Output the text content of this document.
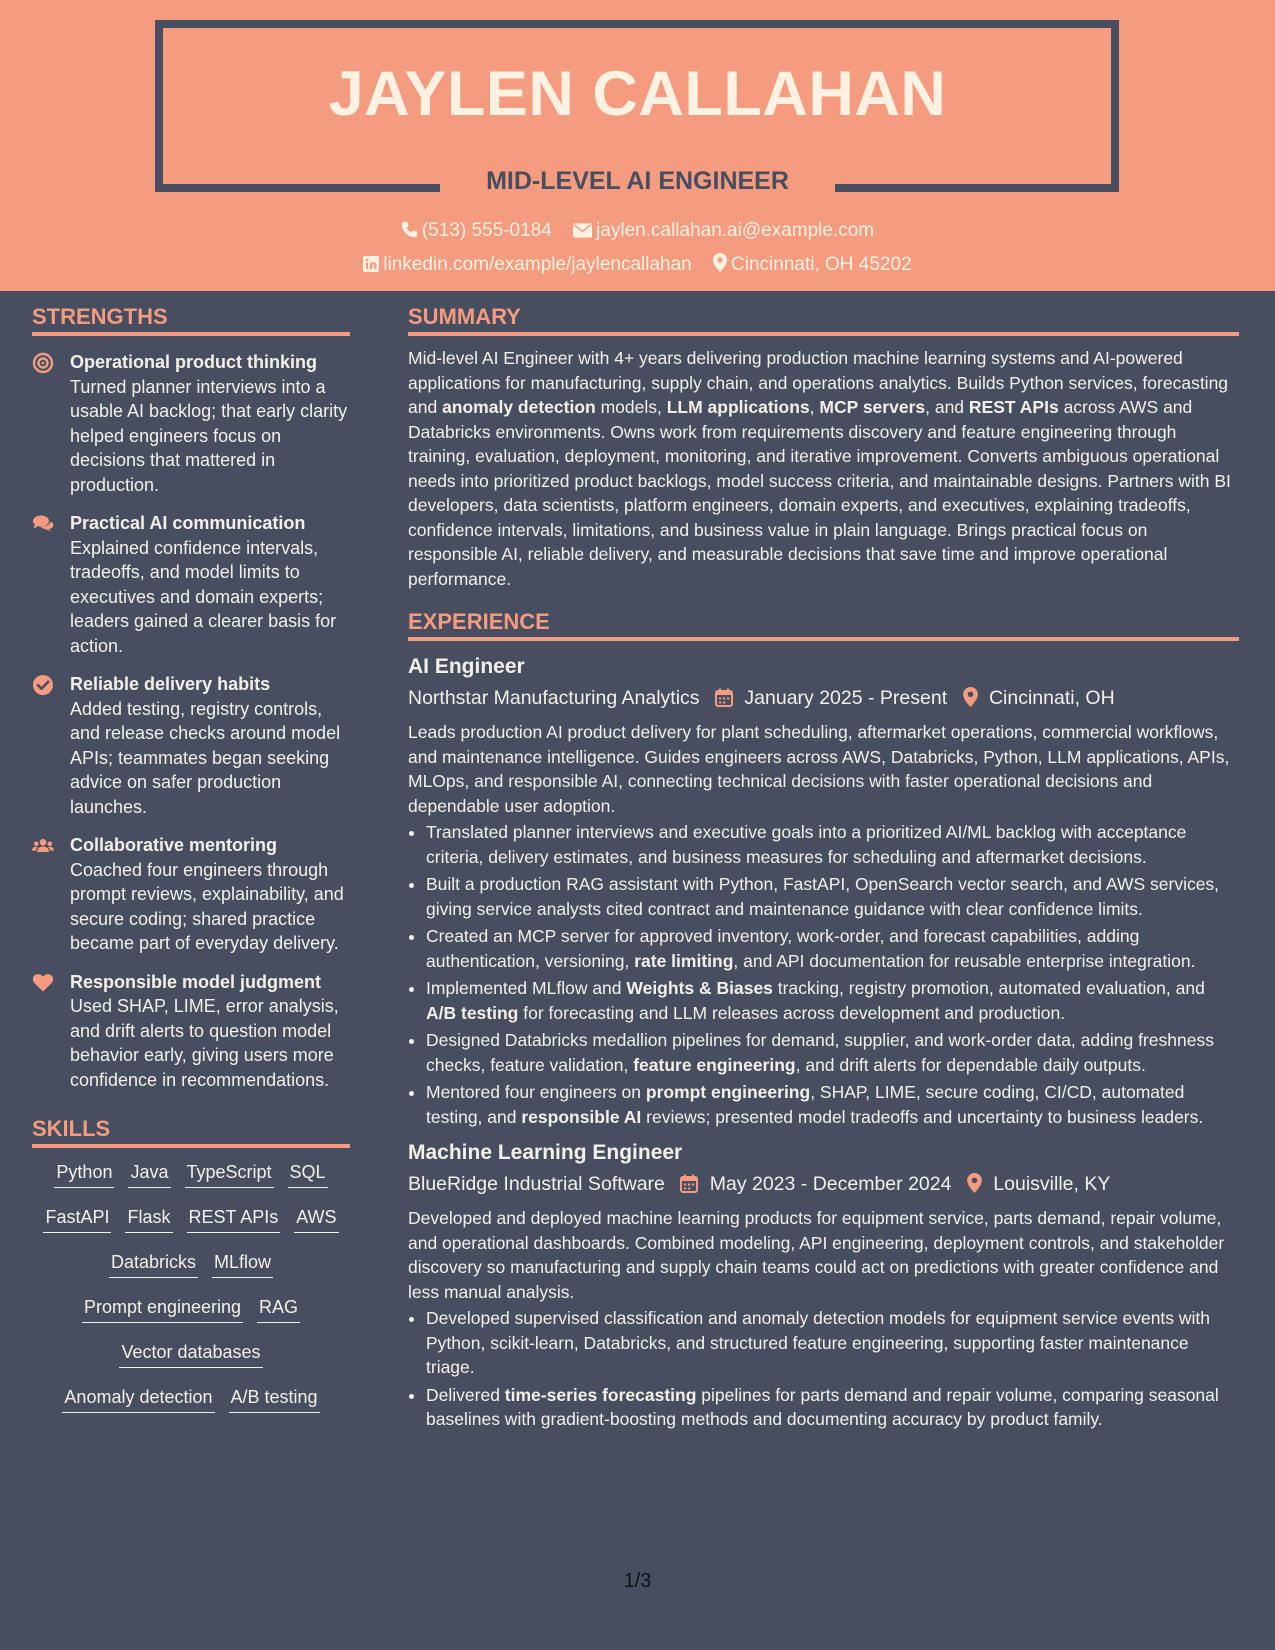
JAYLEN CALLAHAN
MID-LEVEL AI ENGINEER
(513) 555-0184 jaylen.callahan.ai@example.com
linkedin.com/example/jaylencallahan Cincinnati, OH 45202
STRENGTHS
Operational product thinking
Turned planner interviews into a usable AI backlog; that early clarity helped engineers focus on decisions that mattered in production.
Practical AI communication
Explained confidence intervals, tradeoffs, and model limits to executives and domain experts; leaders gained a clearer basis for action.
Reliable delivery habits
Added testing, registry controls, and release checks around model APIs; teammates began seeking advice on safer production launches.
Collaborative mentoring
Coached four engineers through prompt reviews, explainability, and secure coding; shared practice became part of everyday delivery.
Responsible model judgment
Used SHAP, LIME, error analysis, and drift alerts to question model behavior early, giving users more confidence in recommendations.
SKILLS
Python Java TypeScript SQL
FastAPI Flask REST APIs AWS
Databricks MLflow
Prompt engineering RAG
Vector databases
Anomaly detection A/B testing
SUMMARY
Mid-level AI Engineer with 4+ years delivering production machine learning systems and AI-powered applications for manufacturing, supply chain, and operations analytics. Builds Python services, forecasting and anomaly detection models, LLM applications, MCP servers, and REST APIs across AWS and Databricks environments. Owns work from requirements discovery and feature engineering through training, evaluation, deployment, monitoring, and iterative improvement. Converts ambiguous operational needs into prioritized product backlogs, model success criteria, and maintainable designs. Partners with BI developers, data scientists, platform engineers, domain experts, and executives, explaining tradeoffs, confidence intervals, limitations, and business value in plain language. Brings practical focus on responsible AI, reliable delivery, and measurable decisions that save time and improve operational performance.
EXPERIENCE
AI Engineer
Northstar Manufacturing Analytics January 2025 - Present Cincinnati, OH
Leads production AI product delivery for plant scheduling, aftermarket operations, commercial workflows, and maintenance intelligence. Guides engineers across AWS, Databricks, Python, LLM applications, APIs, MLOps, and responsible AI, connecting technical decisions with faster operational decisions and dependable user adoption.
• Translated planner interviews and executive goals into a prioritized AI/ML backlog with acceptance criteria, delivery estimates, and business measures for scheduling and aftermarket decisions.
• Built a production RAG assistant with Python, FastAPI, OpenSearch vector search, and AWS services, giving service analysts cited contract and maintenance guidance with clear confidence limits.
• Created an MCP server for approved inventory, work-order, and forecast capabilities, adding authentication, versioning, rate limiting, and API documentation for reusable enterprise integration.
• Implemented MLflow and Weights & Biases tracking, registry promotion, automated evaluation, and A/B testing for forecasting and LLM releases across development and production.
• Designed Databricks medallion pipelines for demand, supplier, and work-order data, adding freshness checks, feature validation, feature engineering, and drift alerts for dependable daily outputs.
• Mentored four engineers on prompt engineering, SHAP, LIME, secure coding, CI/CD, automated testing, and responsible AI reviews; presented model tradeoffs and uncertainty to business leaders.
Machine Learning Engineer
BlueRidge Industrial Software May 2023 - December 2024 Louisville, KY
Developed and deployed machine learning products for equipment service, parts demand, repair volume, and operational dashboards. Combined modeling, API engineering, deployment controls, and stakeholder discovery so manufacturing and supply chain teams could act on predictions with greater confidence and less manual analysis.
• Developed supervised classification and anomaly detection models for equipment service events with Python, scikit-learn, Databricks, and structured feature engineering, supporting faster maintenance triage.
• Delivered time-series forecasting pipelines for parts demand and repair volume, comparing seasonal baselines with gradient-boosting methods and documenting accuracy by product family.
1/3
